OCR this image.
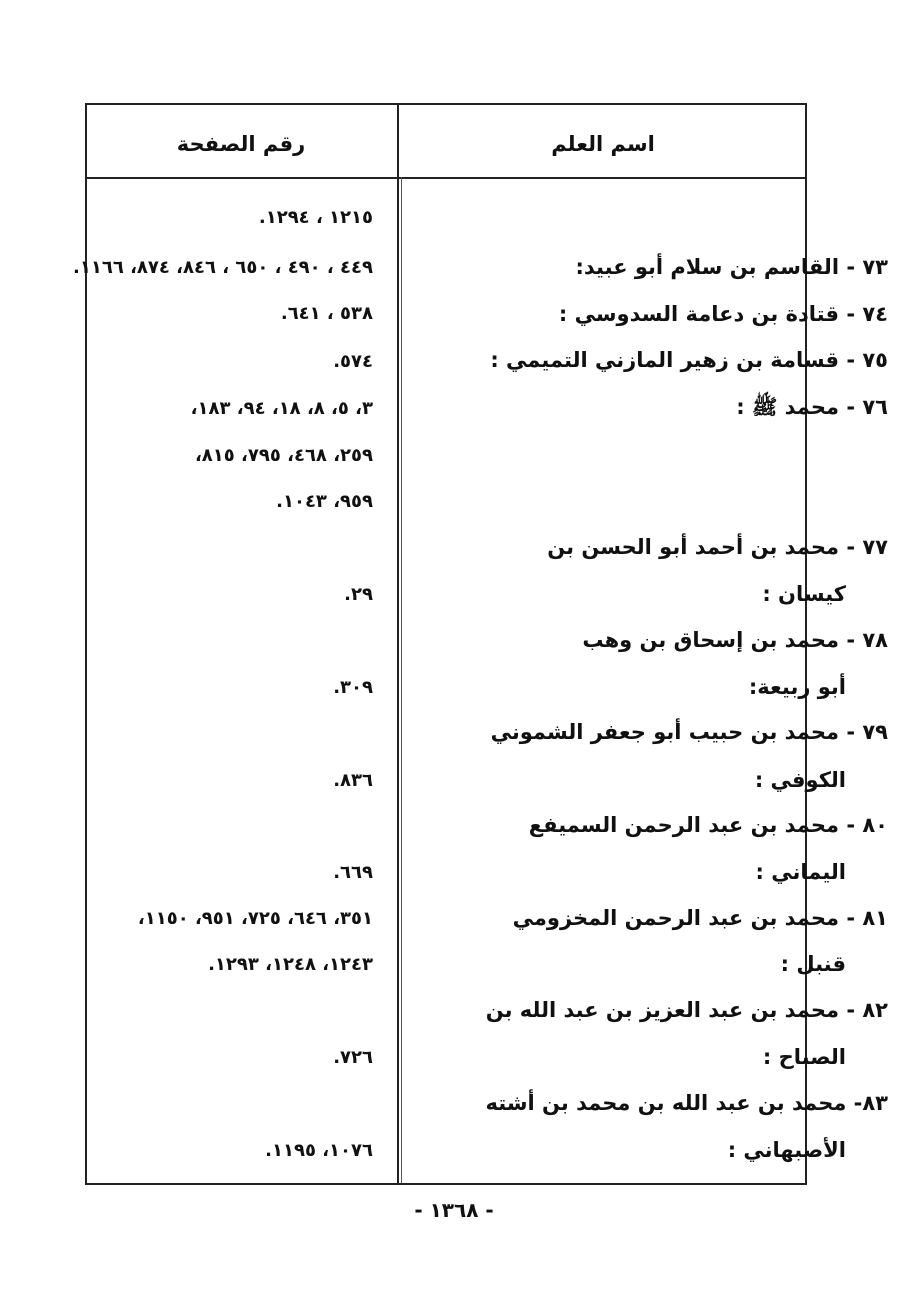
اسم العلم
رقم الصفحة
١٢١٥ ، ١٢٩٤.
٧٣ - القاسم بن سلام أبو عبيد:
٤٤٩ ، ٤٩٠ ، ٦٥٠ ، ٨٤٦، ٨٧٤، ١١٦٦.
٧٤ - قتادة بن دعامة السدوسي :
٥٣٨ ، ٦٤١.
٧٥ - قسامة بن زهير المازني التميمي :
٥٧٤.
٧٦ - محمد ﷺ :
٣، ٥، ٨، ١٨، ٩٤، ١٨٣،
٢٥٩، ٤٦٨، ٧٩٥، ٨١٥،
٩٥٩، ١٠٤٣.
٧٧ - محمد بن أحمد أبو الحسن بن
كيسان :
٢٩.
٧٨ - محمد بن إسحاق بن وهب
أبو ربيعة:
٣٠٩.
٧٩ - محمد بن حبيب أبو جعفر الشموني
الكوفي :
٨٣٦.
٨٠ - محمد بن عبد الرحمن السميفع
اليماني :
٦٦٩.
٨١ - محمد بن عبد الرحمن المخزومي
٣٥١، ٦٤٦، ٧٢٥، ٩٥١، ١١٥٠،
قنبل :
١٢٤٣، ١٢٤٨، ١٢٩٣.
٨٢ - محمد بن عبد العزيز بن عبد الله بن
الصباح :
٧٢٦.
٨٣- محمد بن عبد الله بن محمد بن أشته
الأصبهاني :
١٠٧٦، ١١٩٥.
- ١٣٦٨ -
